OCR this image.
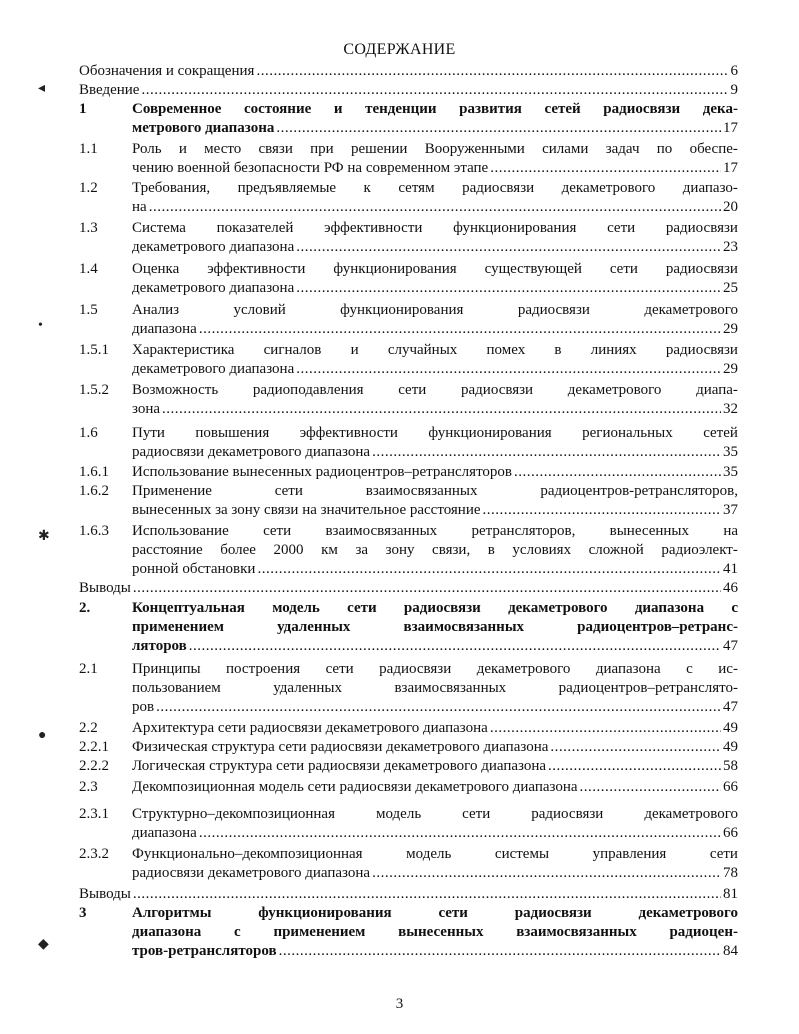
СОДЕРЖАНИЕ
Обозначения и сокращения .....	6
Введение .....	9
1	Современное состояние и тенденции развития сетей радиосвязи дека-
метрового диапазона .....	17
1.1 Роль и место связи при решении Вооруженными силами задач по обеспе-
чению военной безопасности РФ на современном этапе .....	17
1.2 Требования, предъявляемые к сетям радиосвязи декаметрового диапазо-
на .....	20
1.3 Система показателей эффективности функционирования сети радиосвязи
декаметрового диапазона .....	23
1.4 Оценка эффективности функционирования существующей сети радиосвязи
декаметрового диапазона .....	25
1.5 Анализ	условий	функционирования	радиосвязи	декаметрового
диапазона .....	29
1.5.1 Характеристика сигналов и случайных помех в линиях радиосвязи
декаметрового диапазона .....	29
1.5.2 Возможность радиоподавления сети радиосвязи декаметрового диапа-
зона .....	32
1.6 Пути повышения эффективности функционирования региональных сетей
радиосвязи декаметрового диапазона .....	35
1.6.1 Использование вынесенных радиоцентров–ретрансляторов .....	35
1.6.2 Применение	сети	взаимосвязанных	радиоцентров-ретрансляторов,
вынесенных за зону связи на значительное расстояние .....	37
1.6.3 Использование сети взаимосвязанных ретрансляторов, вынесенных на
расстояние более 2000 км за зону связи, в условиях сложной радиоэлект-
ронной обстановки .....	41
Выводы .....	46
2.	Концептуальная модель сети радиосвязи декаметрового диапазона с
применением	удаленных	взаимосвязанных	радиоцентров–ретранс-
ляторов .....	47
2.1 Принципы построения сети радиосвязи декаметрового диапазона с ис-
пользованием	удаленных	взаимосвязанных	радиоцентров–ретранслято-
ров .....	47
2.2 Архитектура сети радиосвязи декаметрового диапазона .....	49
2.2.1 Физическая структура сети радиосвязи декаметрового диапазона .....	49
2.2.2 Логическая структура сети радиосвязи декаметрового диапазона .....	58
2.3 Декомпозиционная модель сети радиосвязи декаметрового диапазона .....	66
2.3.1 Структурно–декомпозиционная	модель	сети	радиосвязи	декаметрового
диапазона .....	66
2.3.2 Функционально–декомпозиционная	модель	системы	управления	сети
радиосвязи декаметрового диапазона .....	78
Выводы .....	81
3	Алгоритмы	функционирования	сети	радиосвязи	декаметрового
диапазона с применением вынесенных взаимосвязанных радиоцен-
тров-ретрансляторов .....	84
◂
•
✱
●
◆
3
